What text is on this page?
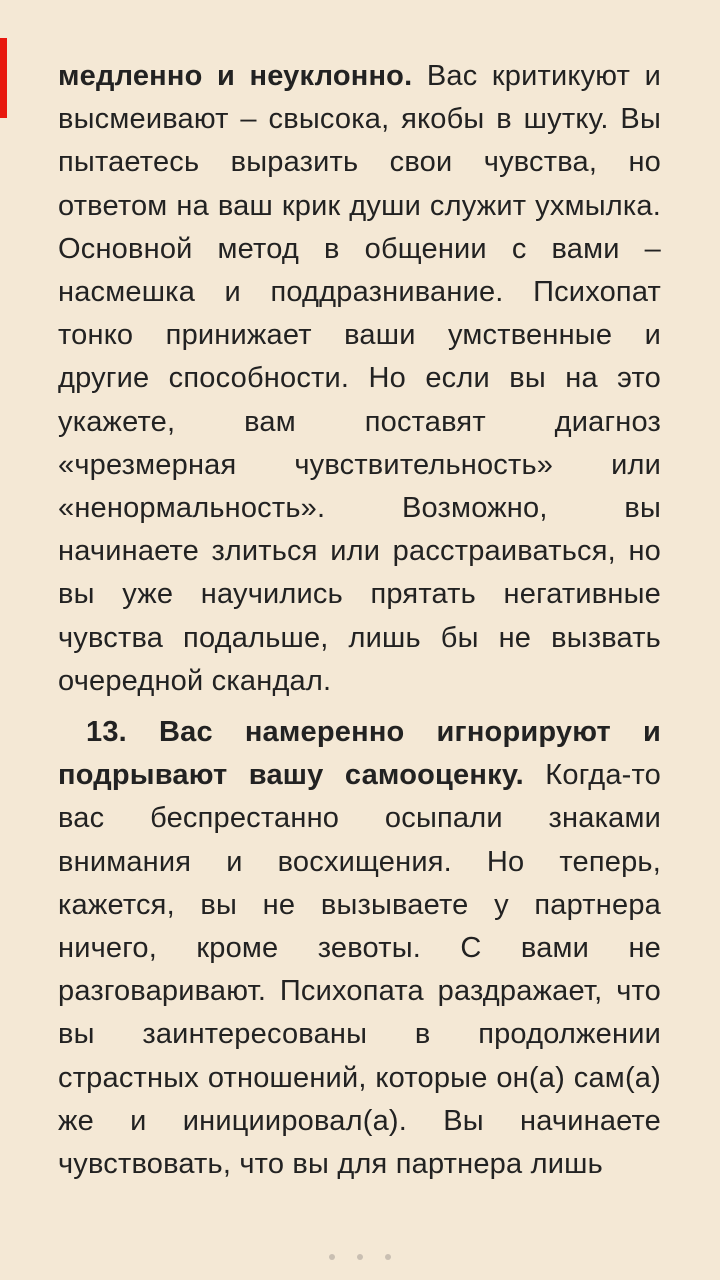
медленно и неуклонно. Вас критикуют и высмеивают – свысока, якобы в шутку. Вы пытаетесь выразить свои чувства, но ответом на ваш крик души служит ухмылка. Основной метод в общении с вами – насмешка и поддразнивание. Психопат тонко принижает ваши умственные и другие способности. Но если вы на это укажете, вам поставят диагноз «чрезмерная чувствительность» или «ненормальность». Возможно, вы начинаете злиться или расстраиваться, но вы уже научились прятать негативные чувства подальше, лишь бы не вызвать очередной скандал.

13. Вас намеренно игнорируют и подрывают вашу самооценку. Когда-то вас беспрестанно осыпали знаками внимания и восхищения. Но теперь, кажется, вы не вызываете у партнера ничего, кроме зевоты. С вами не разговаривают. Психопата раздражает, что вы заинтересованы в продолжении страстных отношений, которые он(а) сам(а) же и инициировал(а). Вы начинаете чувствовать, что вы для партнера лишь
